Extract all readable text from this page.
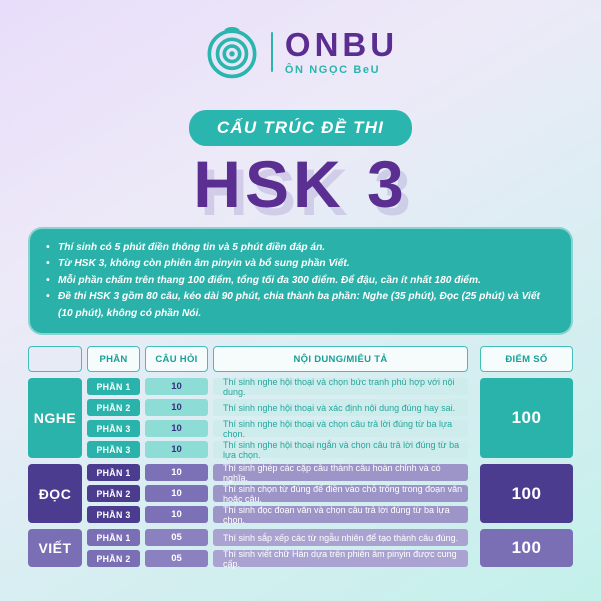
ONBU
ÔN NGỌC BeU
CẤU TRÚC ĐỀ THI
HSK 3
• Thí sinh có 5 phút điền thông tin và 5 phút điền đáp án.
• Từ HSK 3, không còn phiên âm pinyin và bổ sung phần Viết.
• Mỗi phần chấm trên thang 100 điểm, tổng tối đa 300 điểm. Để đậu, cần ít nhất 180 điểm.
• Đề thi HSK 3 gồm 80 câu, kéo dài 90 phút, chia thành ba phần: Nghe (35 phút), Đọc (25 phút) và Viết (10 phút), không có phần Nói.
PHẦN	CÂU HỎI	NỘI DUNG/MIÊU TẢ	ĐIỂM SỐ
NGHE
PHẦN 1	10	Thí sinh nghe hội thoại và chọn bức tranh phù hợp với nội dung.
PHẦN 2	10	Thí sinh nghe hội thoại và xác định nội dung đúng hay sai.
PHẦN 3	10	Thí sinh nghe hội thoại và chọn câu trả lời đúng từ ba lựa chọn.
PHẦN 3	10	Thí sinh nghe hội thoại ngắn và chọn câu trả lời đúng từ ba lựa chọn.
100
ĐỌC
PHẦN 1	10	Thí sinh ghép các cặp câu thành câu hoàn chỉnh và có nghĩa.
PHẦN 2	10	Thí sinh chọn từ đúng để điền vào chỗ trống trong đoạn văn hoặc câu.
PHẦN 3	10	Thí sinh đọc đoạn văn và chọn câu trả lời đúng từ ba lựa chọn.
100
VIẾT
PHẦN 1	05	Thí sinh sắp xếp các từ ngẫu nhiên để tạo thành câu đúng.
PHẦN 2	05	Thí sinh viết chữ Hán dựa trên phiên âm pinyin được cung cấp.
100
